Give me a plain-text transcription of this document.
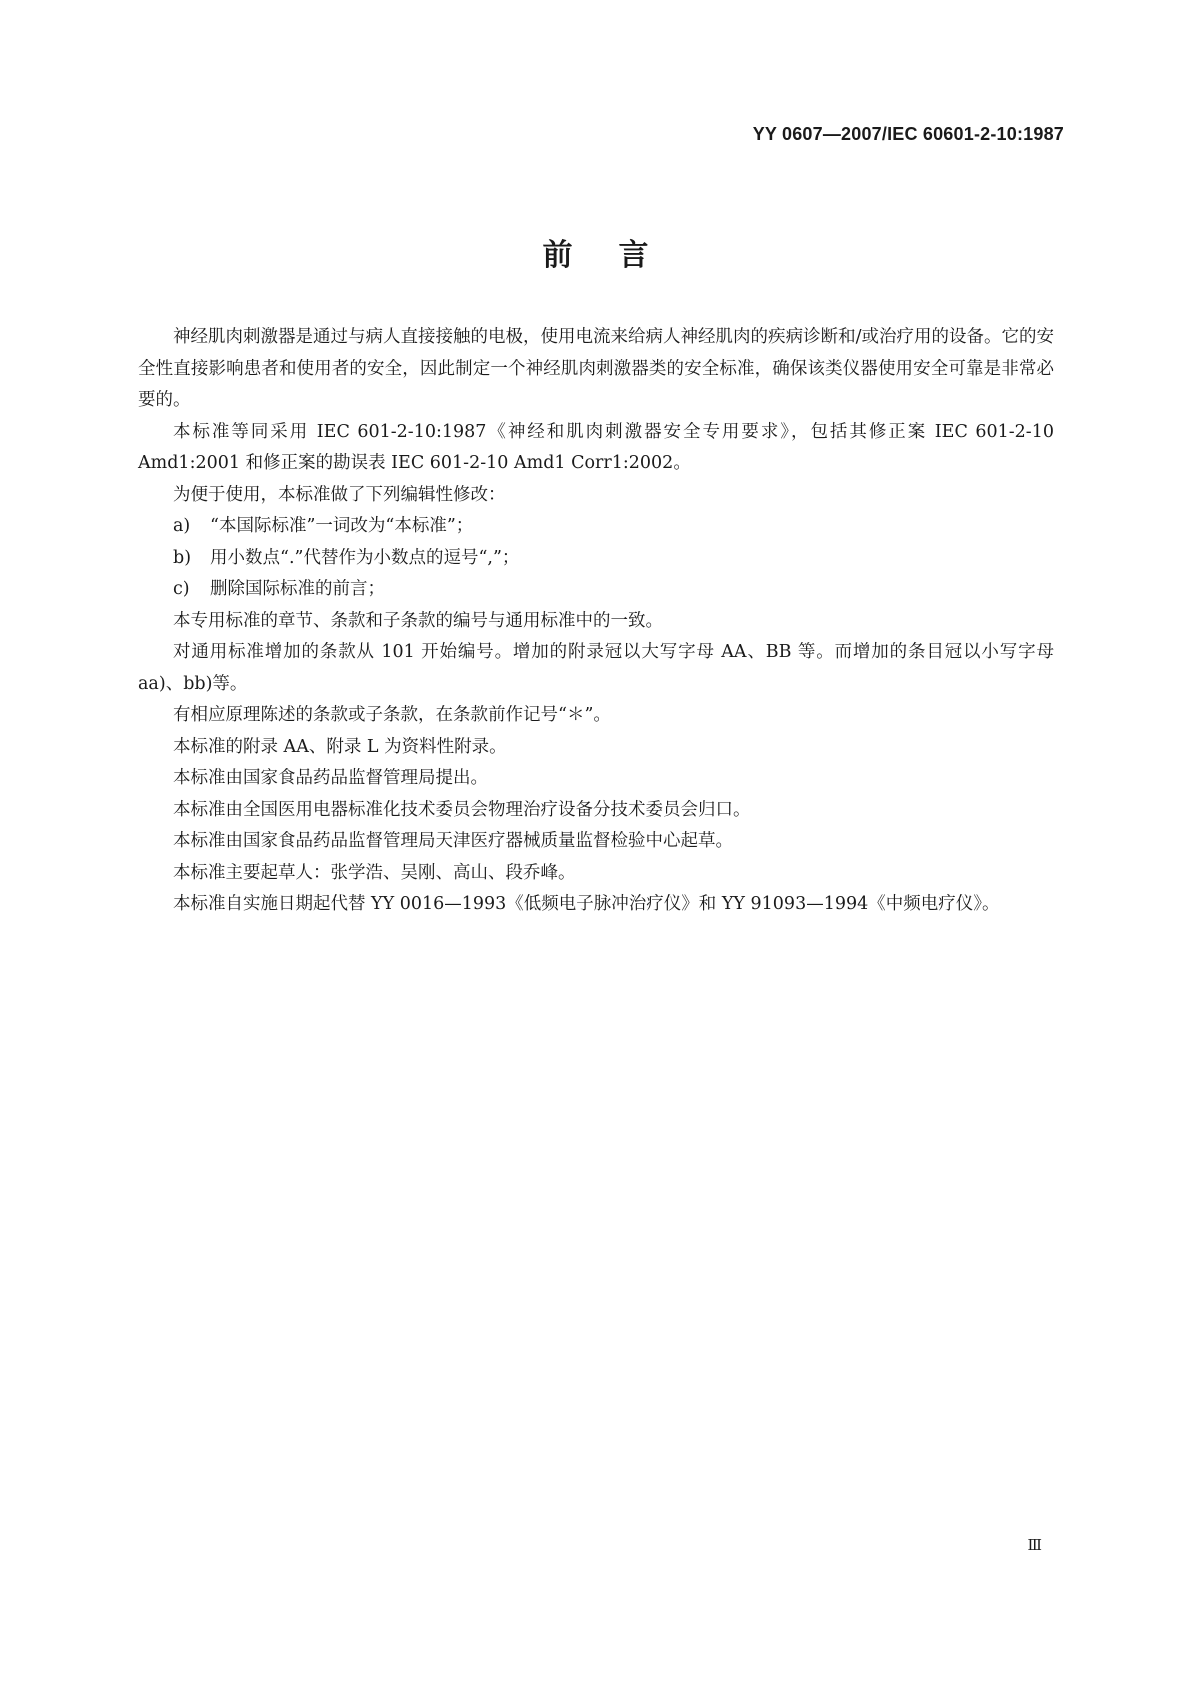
YY 0607—2007/IEC 60601-2-10:1987
前言

神经肌肉刺激器是通过与病人直接接触的电极，使用电流来给病人神经肌肉的疾病诊断和/或治疗用的设备。它的安全性直接影响患者和使用者的安全，因此制定一个神经肌肉刺激器类的安全标准，确保该类仪器使用安全可靠是非常必要的。

本标准等同采用 IEC 601-2-10:1987《神经和肌肉刺激器安全专用要求》，包括其修正案 IEC 601-2-10 Amd1:2001 和修正案的勘误表 IEC 601-2-10 Amd1 Corr1:2002。

为便于使用，本标准做了下列编辑性修改：

a) “本国际标准”一词改为“本标准”；

b) 用小数点“.”代替作为小数点的逗号“,”；

c) 删除国际标准的前言；

本专用标准的章节、条款和子条款的编号与通用标准中的一致。

对通用标准增加的条款从 101 开始编号。增加的附录冠以大写字母 AA、BB 等。而增加的条目冠以小写字母 aa)、bb)等。

有相应原理陈述的条款或子条款，在条款前作记号“＊”。

本标准的附录 AA、附录 L 为资料性附录。

本标准由国家食品药品监督管理局提出。

本标准由全国医用电器标准化技术委员会物理治疗设备分技术委员会归口。

本标准由国家食品药品监督管理局天津医疗器械质量监督检验中心起草。

本标准主要起草人：张学浩、吴刚、高山、段乔峰。

本标准自实施日期起代替 YY 0016—1993《低频电子脉冲治疗仪》和 YY 91093—1994《中频电疗仪》。

Ⅲ
